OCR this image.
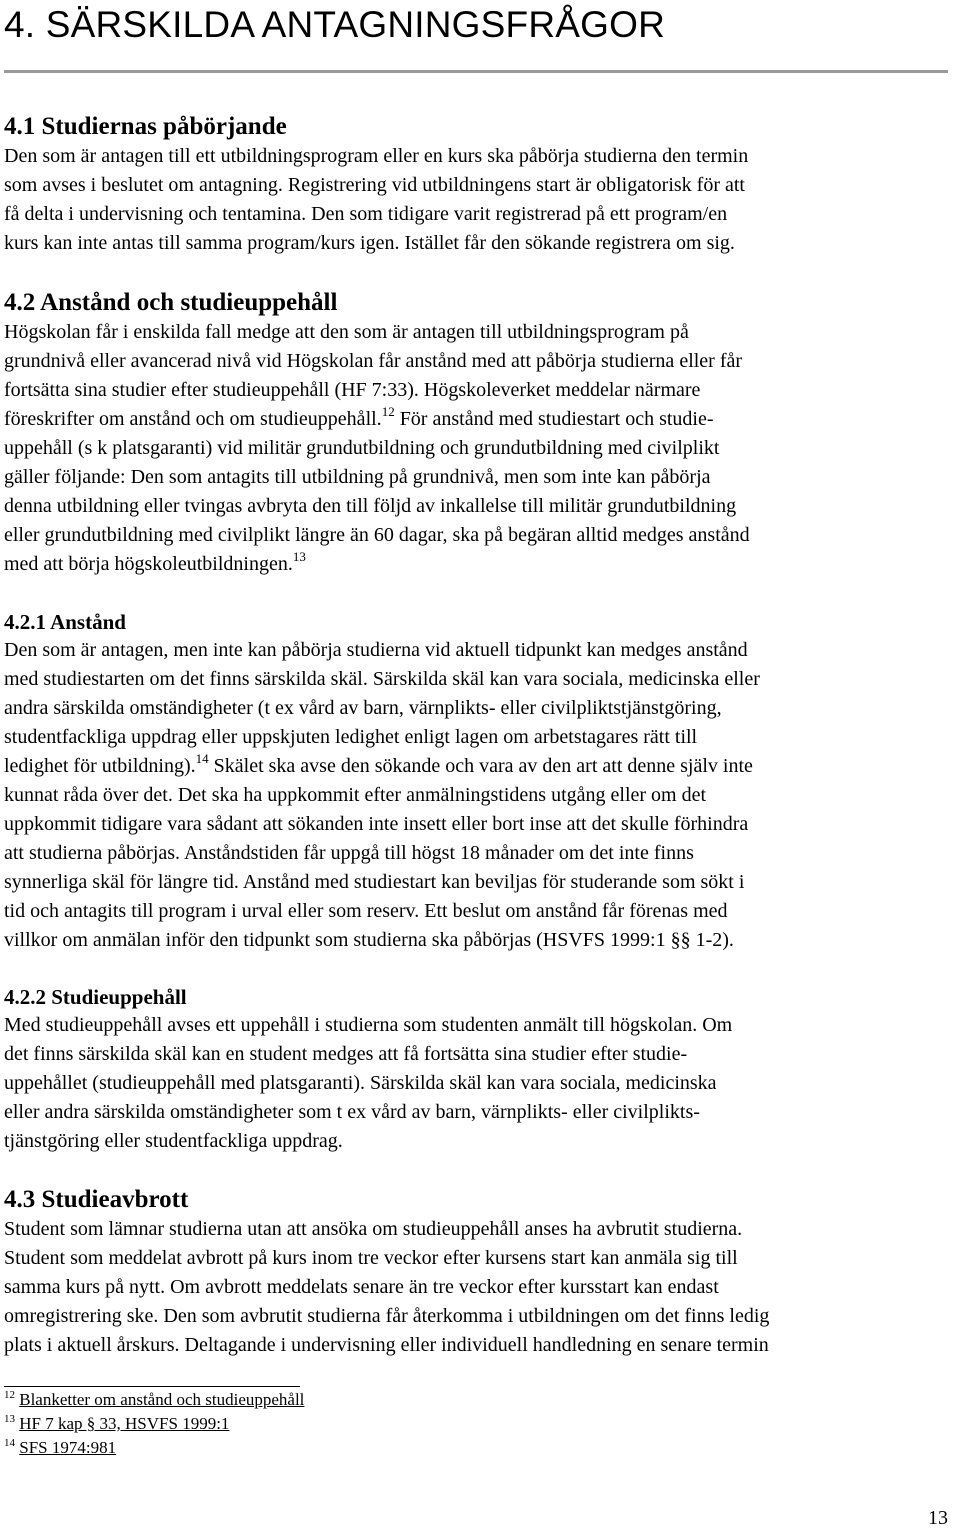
4. SÄRSKILDA ANTAGNINGSFRÅGOR
4.1 Studiernas påbörjande
Den som är antagen till ett utbildningsprogram eller en kurs ska påbörja studierna den termin
som avses i beslutet om antagning. Registrering vid utbildningens start är obligatorisk för att
få delta i undervisning och tentamina. Den som tidigare varit registrerad på ett program/en
kurs kan inte antas till samma program/kurs igen. Istället får den sökande registrera om sig.
4.2 Anstånd och studieuppehåll
Högskolan får i enskilda fall medge att den som är antagen till utbildningsprogram på
grundnivå eller avancerad nivå vid Högskolan får anstånd med att påbörja studierna eller får
fortsätta sina studier efter studieuppehåll (HF 7:33). Högskoleverket meddelar närmare
föreskrifter om anstånd och om studieuppehåll.$^{12}$ För anstånd med studiestart och studie-
uppehåll (s k platsgaranti) vid militär grundutbildning och grundutbildning med civilplikt
gäller följande: Den som antagits till utbildning på grundnivå, men som inte kan påbörja
denna utbildning eller tvingas avbryta den till följd av inkallelse till militär grundutbildning
eller grundutbildning med civilplikt längre än 60 dagar, ska på begäran alltid medges anstånd
med att börja högskoleutbildningen.$^{13}$
4.2.1 Anstånd
Den som är antagen, men inte kan påbörja studierna vid aktuell tidpunkt kan medges anstånd
med studiestarten om det finns särskilda skäl. Särskilda skäl kan vara sociala, medicinska eller
andra särskilda omständigheter (t ex vård av barn, värnplikts- eller civilpliktstjänstgöring,
studentfackliga uppdrag eller uppskjuten ledighet enligt lagen om arbetstagares rätt till
ledighet för utbildning).$^{14}$ Skälet ska avse den sökande och vara av den art att denne själv inte
kunnat råda över det. Det ska ha uppkommit efter anmälningstidens utgång eller om det
uppkommit tidigare vara sådant att sökanden inte insett eller bort inse att det skulle förhindra
att studierna påbörjas. Anståndstiden får uppgå till högst 18 månader om det inte finns
synnerliga skäl för längre tid. Anstånd med studiestart kan beviljas för studerande som sökt i
tid och antagits till program i urval eller som reserv. Ett beslut om anstånd får förenas med
villkor om anmälan inför den tidpunkt som studierna ska påbörjas (HSVFS 1999:1 §§ 1-2).
4.2.2 Studieuppehåll
Med studieuppehåll avses ett uppehåll i studierna som studenten anmält till högskolan. Om
det finns särskilda skäl kan en student medges att få fortsätta sina studier efter studie-
uppehållet (studieuppehåll med platsgaranti). Särskilda skäl kan vara sociala, medicinska
eller andra särskilda omständigheter som t ex vård av barn, värnplikts- eller civilplikts-
tjänstgöring eller studentfackliga uppdrag.
4.3 Studieavbrott
Student som lämnar studierna utan att ansöka om studieuppehåll anses ha avbrutit studierna.
Student som meddelat avbrott på kurs inom tre veckor efter kursens start kan anmäla sig till
samma kurs på nytt. Om avbrott meddelats senare än tre veckor efter kursstart kan endast
omregistrering ske. Den som avbrutit studierna får återkomma i utbildningen om det finns ledig
plats i aktuell årskurs. Deltagande i undervisning eller individuell handledning en senare termin
$^{12}$ Blanketter om anstånd och studieuppehåll
$^{13}$ HF 7 kap § 33, HSVFS 1999:1
$^{14}$ SFS 1974:981
13
